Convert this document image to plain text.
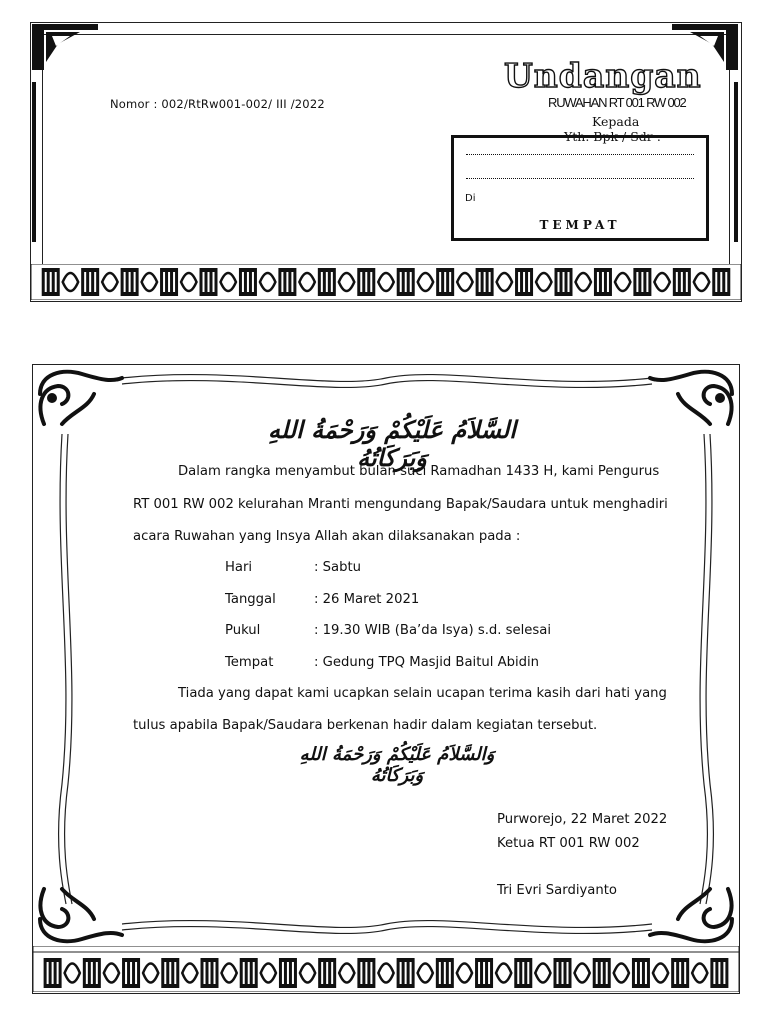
Nomor : 002/RtRw001-002/ III /2022
Undangan
RUWAHAN RT 001 RW 002
Kepada
Yth. Bpk / Sdr :
Di
TEMPAT
السَّلاَمُ عَلَيْكُمْ وَرَحْمَةُ اللهِ وَبَرَكَاتُهُ
Dalam rangka menyambut bulan suci Ramadhan 1433 H, kami Pengurus
RT 001 RW 002 kelurahan Mranti mengundang Bapak/Saudara untuk menghadiri
acara Ruwahan yang Insya Allah akan dilaksanakan pada :
Hari	: Sabtu
Tanggal	: 26 Maret 2021
Pukul	: 19.30 WIB (Ba’da Isya) s.d. selesai
Tempat	: Gedung TPQ Masjid Baitul Abidin
Tiada yang dapat kami ucapkan selain ucapan terima kasih dari hati yang
tulus apabila Bapak/Saudara berkenan hadir dalam kegiatan tersebut.
وَالسَّلاَمُ عَلَيْكُمْ وَرَحْمَةُ اللهِ وَبَرَكَاتُهُ
Purworejo, 22 Maret 2022
Ketua RT 001 RW 002
Tri Evri Sardiyanto
